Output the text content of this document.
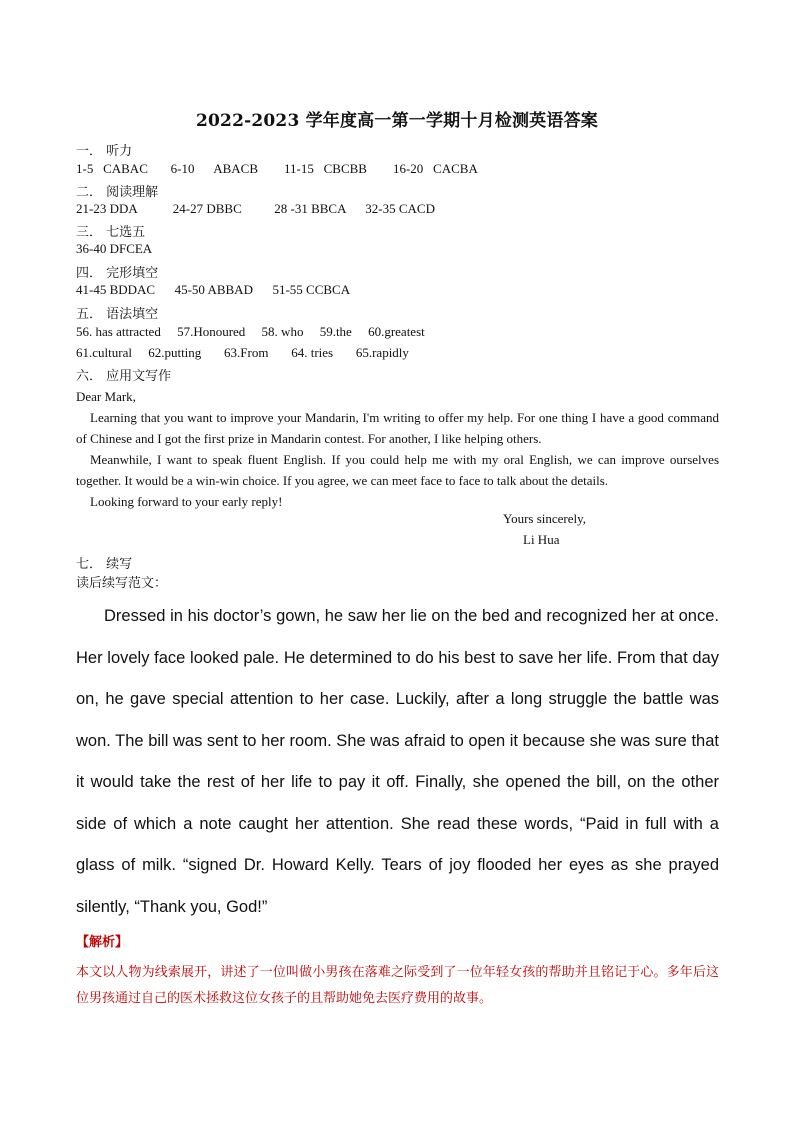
2022-2023 学年度高一第一学期十月检测英语答案
一． 听力
1-5   CABAC       6-10      ABACB        11-15   CBCBB        16-20   CACBA
二． 阅读理解
21-23 DDA           24-27 DBBC          28 -31 BBCA      32-35 CACD
三． 七选五
36-40 DFCEA
四． 完形填空
41-45 BDDAC      45-50 ABBAD      51-55 CCBCA
五． 语法填空
56. has attracted     57.Honoured     58. who     59.the     60.greatest
61.cultural     62.putting       63.From       64. tries       65.rapidly
六． 应用文写作

Dear Mark,

Learning that you want to improve your Mandarin, I'm writing to offer my help. For one thing I have a good command of Chinese and I got the first prize in Mandarin contest. For another, I like helping others.

Meanwhile, I want to speak fluent English. If you could help me with my oral English, we can improve ourselves together. It would be a win-win choice. If you agree, we can meet face to face to talk about the details.

Looking forward to your early reply!

Yours sincerely,
Li Hua
七． 续写
读后续写范文：

Dressed in his doctor’s gown, he saw her lie on the bed and recognized her at once. Her lovely face looked pale. He determined to do his best to save her life. From that day on, he gave special attention to her case. Luckily, after a long struggle the battle was won. The bill was sent to her room. She was afraid to open it because she was sure that it would take the rest of her life to pay it off. Finally, she opened the bill, on the other side of which a note caught her attention. She read these words, “Paid in full with a glass of milk. “signed Dr. Howard Kelly. Tears of joy flooded her eyes as she prayed silently, “Thank you, God!”

【解析】
本文以人物为线索展开，讲述了一位叫做小男孩在落难之际受到了一位年轻女孩的帮助并且铭记于心。多年后这位男孩通过自己的医术拯救这位女孩子的且帮助她免去医疗费用的故事。
